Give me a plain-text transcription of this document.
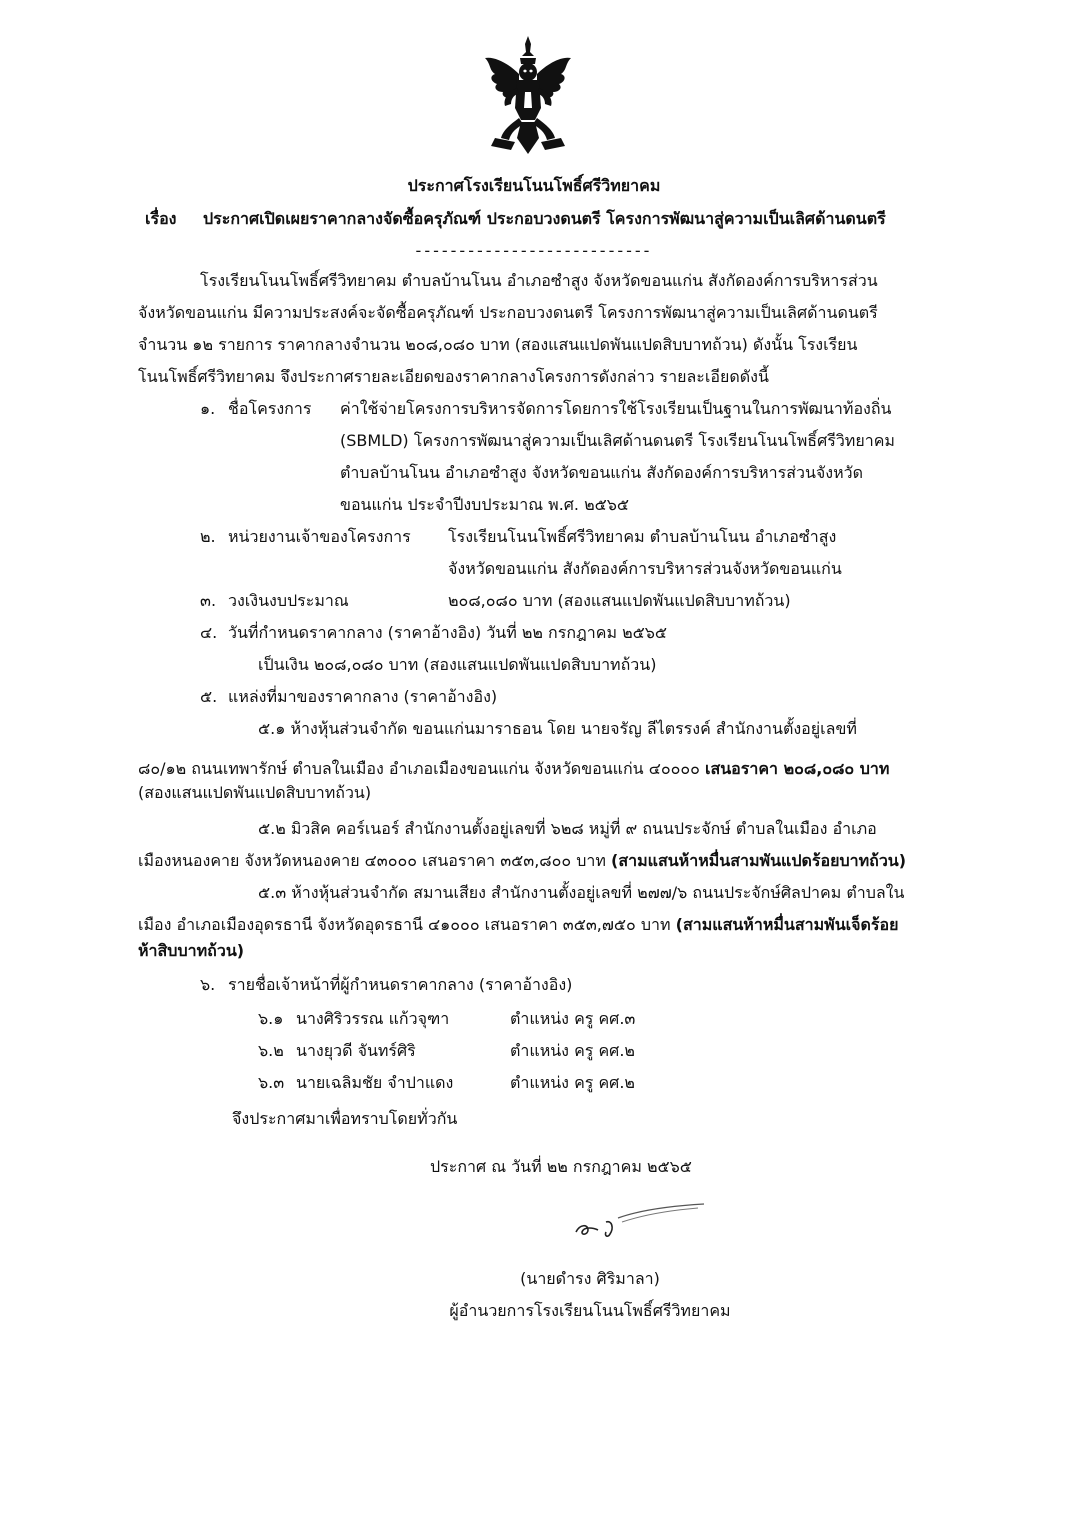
ประกาศโรงเรียนโนนโพธิ์ศรีวิทยาคม
เรื่อง ประกาศเปิดเผยราคากลางจัดซื้อครุภัณฑ์ ประกอบวงดนตรี โครงการพัฒนาสู่ความเป็นเลิศด้านดนตรี
---------------------------
โรงเรียนโนนโพธิ์ศรีวิทยาคม ตำบลบ้านโนน อำเภอซำสูง จังหวัดขอนแก่น สังกัดองค์การบริหารส่วน
จังหวัดขอนแก่น มีความประสงค์จะจัดซื้อครุภัณฑ์ ประกอบวงดนตรี โครงการพัฒนาสู่ความเป็นเลิศด้านดนตรี
จำนวน ๑๒ รายการ ราคากลางจำนวน ๒๐๘,๐๘๐ บาท (สองแสนแปดพันแปดสิบบาทถ้วน) ดังนั้น โรงเรียน
โนนโพธิ์ศรีวิทยาคม จึงประกาศรายละเอียดของราคากลางโครงการดังกล่าว รายละเอียดดังนี้
๑. ชื่อโครงการ ค่าใช้จ่ายโครงการบริหารจัดการโดยการใช้โรงเรียนเป็นฐานในการพัฒนาท้องถิ่น
(SBMLD) โครงการพัฒนาสู่ความเป็นเลิศด้านดนตรี โรงเรียนโนนโพธิ์ศรีวิทยาคม
ตำบลบ้านโนน อำเภอซำสูง จังหวัดขอนแก่น สังกัดองค์การบริหารส่วนจังหวัด
ขอนแก่น ประจำปีงบประมาณ พ.ศ. ๒๕๖๕
๒. หน่วยงานเจ้าของโครงการ โรงเรียนโนนโพธิ์ศรีวิทยาคม ตำบลบ้านโนน อำเภอซำสูง
จังหวัดขอนแก่น สังกัดองค์การบริหารส่วนจังหวัดขอนแก่น
๓. วงเงินงบประมาณ	๒๐๘,๐๘๐ บาท (สองแสนแปดพันแปดสิบบาทถ้วน)
๔. วันที่กำหนดราคากลาง (ราคาอ้างอิง) วันที่ ๒๒ กรกฎาคม ๒๕๖๕
เป็นเงิน ๒๐๘,๐๘๐ บาท (สองแสนแปดพันแปดสิบบาทถ้วน)
๕. แหล่งที่มาของราคากลาง (ราคาอ้างอิง)
๕.๑ ห้างหุ้นส่วนจำกัด ขอนแก่นมาราธอน โดย นายจรัญ ลีไตรรงค์ สำนักงานตั้งอยู่เลขที่
๘๐/๑๒ ถนนเทพารักษ์ ตำบลในเมือง อำเภอเมืองขอนแก่น จังหวัดขอนแก่น ๔๐๐๐๐ เสนอราคา ๒๐๘,๐๘๐ บาท
(สองแสนแปดพันแปดสิบบาทถ้วน)
๕.๒ มิวสิค คอร์เนอร์ สำนักงานตั้งอยู่เลขที่ ๖๒๘ หมู่ที่ ๙ ถนนประจักษ์ ตำบลในเมือง อำเภอ
เมืองหนองคาย จังหวัดหนองคาย ๔๓๐๐๐ เสนอราคา ๓๕๓,๘๐๐ บาท (สามแสนห้าหมื่นสามพันแปดร้อยบาทถ้วน)
๕.๓ ห้างหุ้นส่วนจำกัด สมานเสียง สำนักงานตั้งอยู่เลขที่ ๒๗๗/๖ ถนนประจักษ์ศิลปาคม ตำบลใน
เมือง อำเภอเมืองอุดรธานี จังหวัดอุดรธานี ๔๑๐๐๐ เสนอราคา ๓๕๓,๗๕๐ บาท (สามแสนห้าหมื่นสามพันเจ็ดร้อย
ห้าสิบบาทถ้วน)
๖. รายชื่อเจ้าหน้าที่ผู้กำหนดราคากลาง (ราคาอ้างอิง)
๖.๑ นางศิริวรรณ แก้วจุฑา	ตำแหน่ง ครู คศ.๓
๖.๒ นางยุวดี จันทร์ศิริ	ตำแหน่ง ครู คศ.๒
๖.๓ นายเฉลิมชัย จำปาแดง	ตำแหน่ง ครู คศ.๒
จึงประกาศมาเพื่อทราบโดยทั่วกัน
ประกาศ ณ วันที่ ๒๒ กรกฎาคม ๒๕๖๕
(นายดำรง ศิริมาลา)
ผู้อำนวยการโรงเรียนโนนโพธิ์ศรีวิทยาคม
